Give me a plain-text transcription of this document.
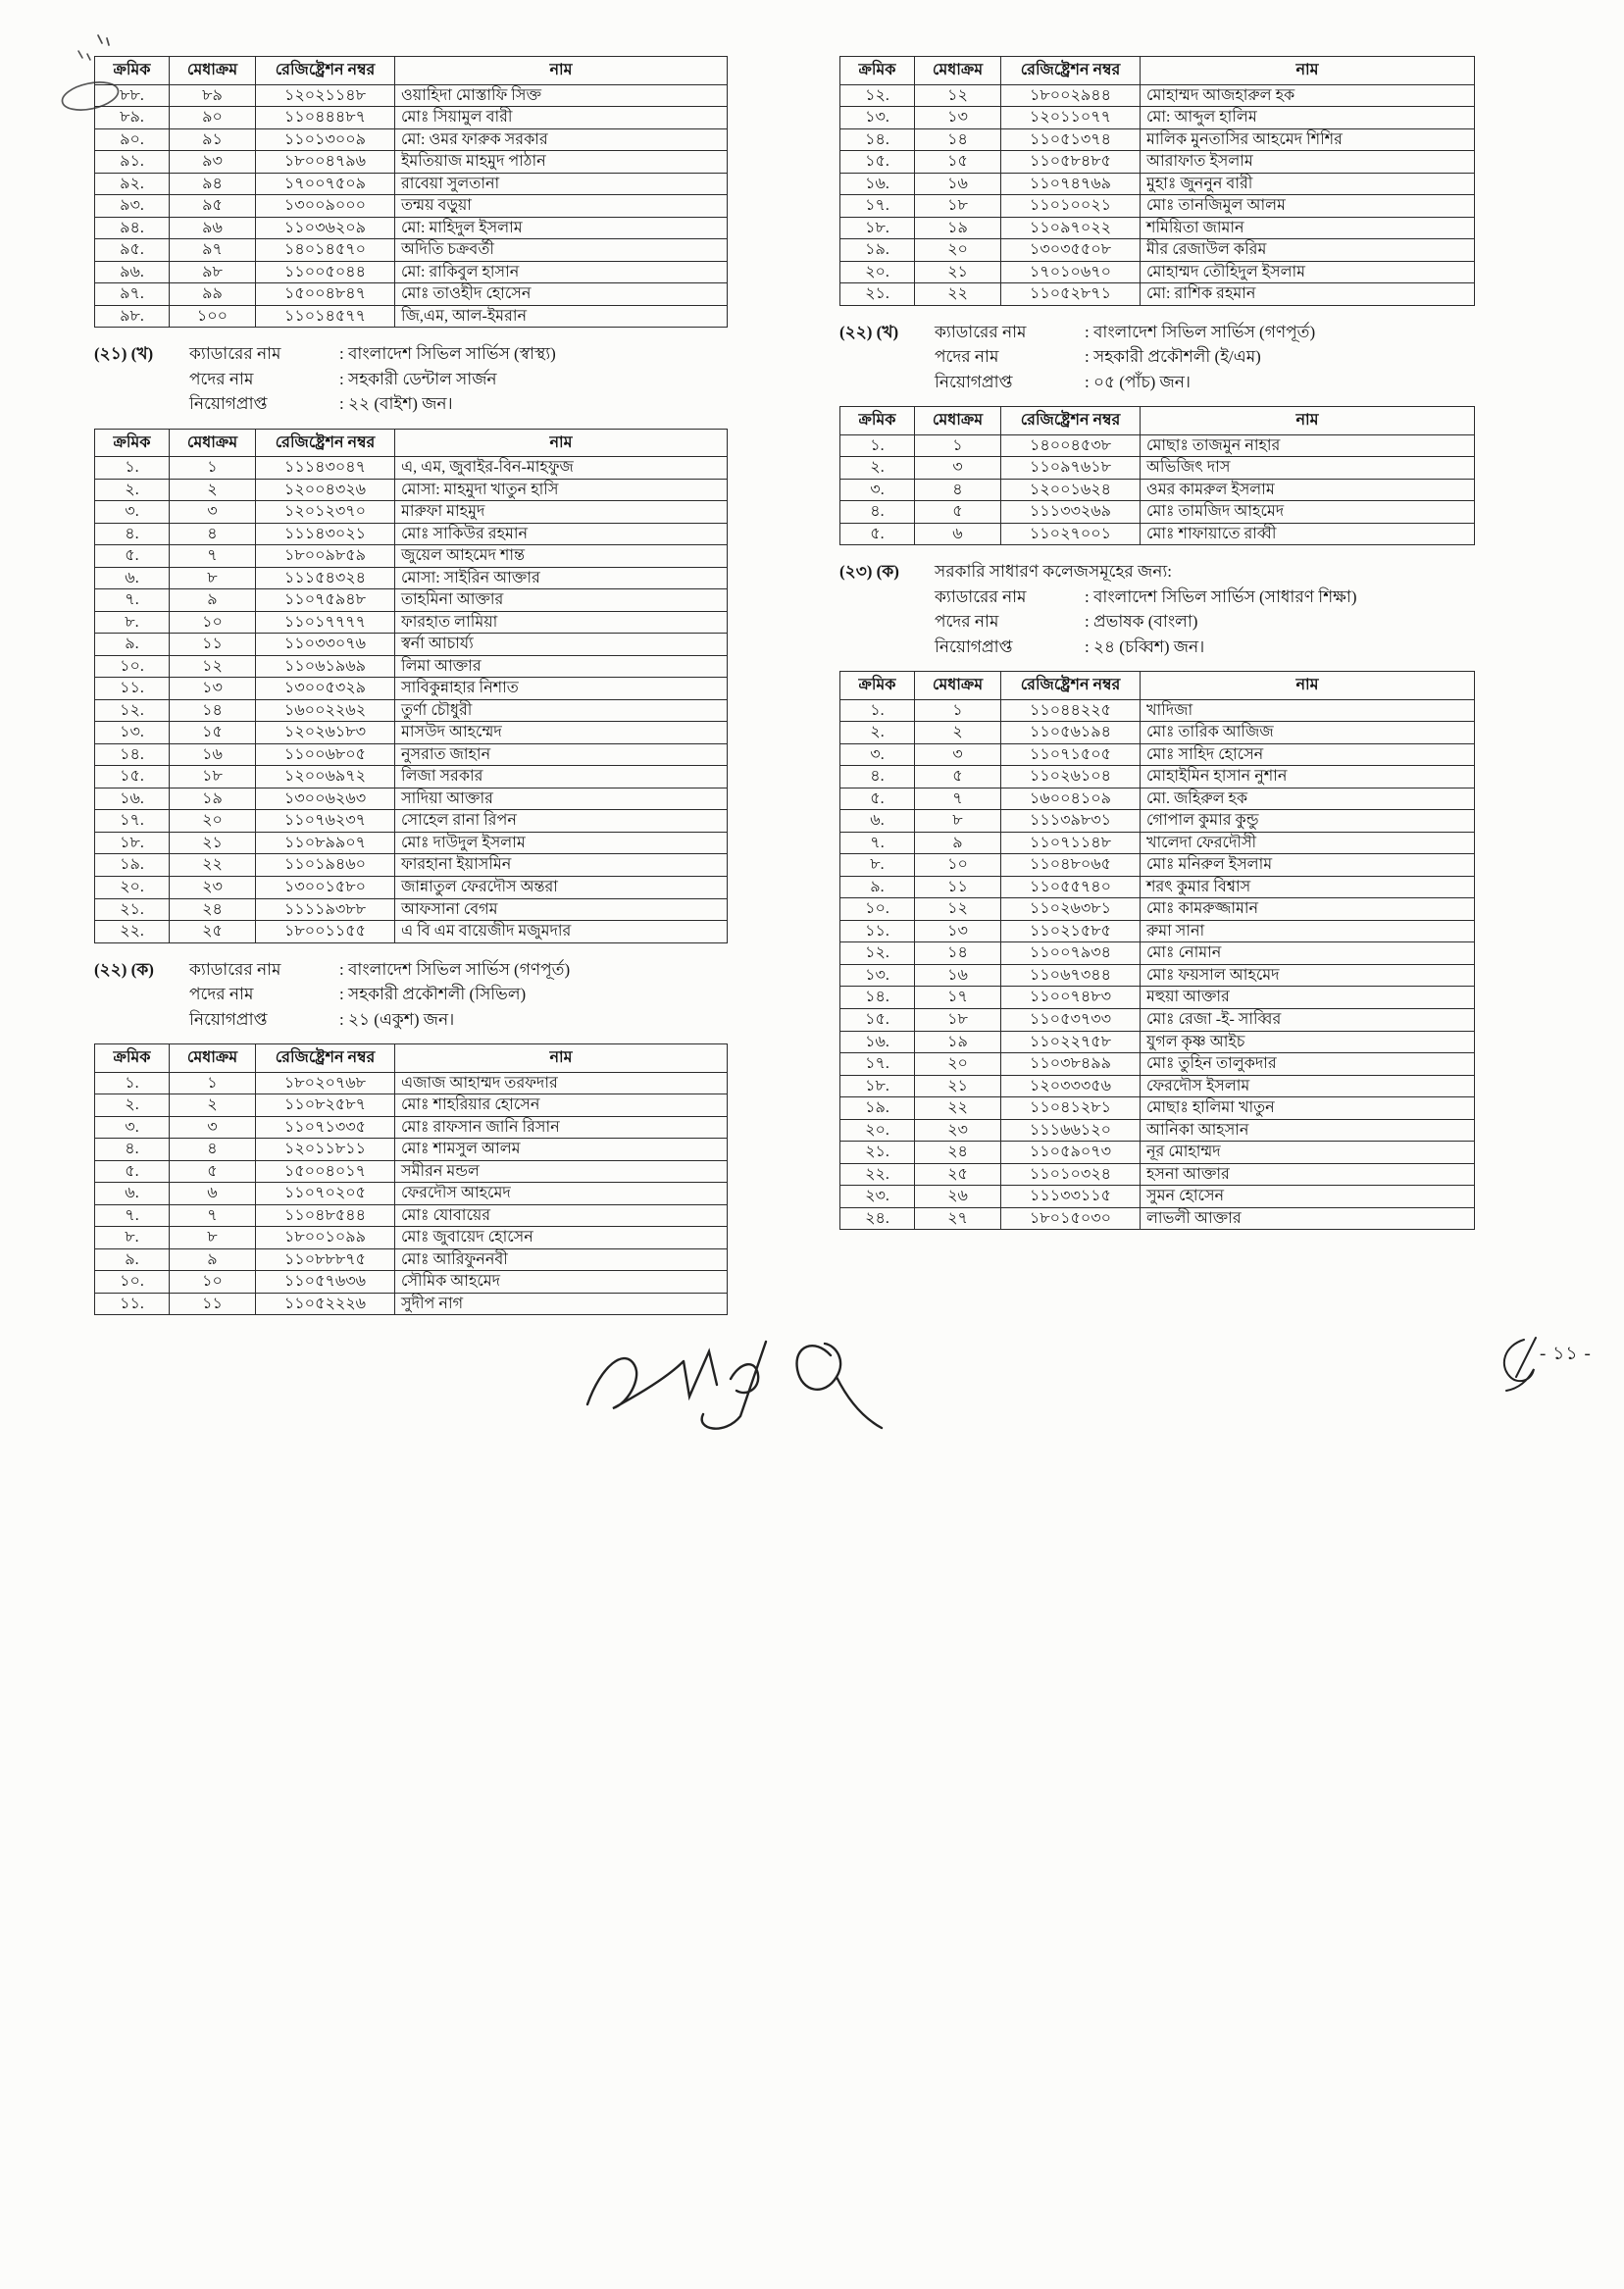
ক্রমিক	মেধাক্রম	রেজিষ্ট্রেশন নম্বর	নাম
৮৮.	৮৯	১২০২১১৪৮	ওয়াহিদা মোস্তাফি সিক্ত
৮৯.	৯০	১১০৪৪৪৮৭	মোঃ সিয়ামুল বারী
৯০.	৯১	১১০১৩০০৯	মো: ওমর ফারুক সরকার
৯১.	৯৩	১৮০০৪৭৯৬	ইমতিয়াজ মাহমুদ পাঠান
৯২.	৯৪	১৭০০৭৫০৯	রাবেয়া সুলতানা
৯৩.	৯৫	১৩০০৯০০০	তন্ময় বড়ুয়া
৯৪.	৯৬	১১০৩৬২০৯	মো: মাহিদুল ইসলাম
৯৫.	৯৭	১৪০১৪৫৭০	অদিতি চক্রবর্তী
৯৬.	৯৮	১১০০৫০৪৪	মো: রাকিবুল হাসান
৯৭.	৯৯	১৫০০৪৮৪৭	মোঃ তাওহীদ হোসেন
৯৮.	১০০	১১০১৪৫৭৭	জি,এম, আল-ইমরান
(২১) (খ)	ক্যাডারের নাম	: বাংলাদেশ সিভিল সার্ভিস (স্বাস্থ্য)
পদের নাম	: সহকারী ডেন্টাল সার্জন
নিয়োগপ্রাপ্ত	: ২২ (বাইশ) জন।
ক্রমিক	মেধাক্রম	রেজিষ্ট্রেশন নম্বর	নাম
১.	১	১১১৪৩০৪৭	এ, এম, জুবাইর-বিন-মাহফুজ
২.	২	১২০০৪৩২৬	মোসা: মাহমুদা খাতুন হাসি
৩.	৩	১২০১২৩৭০	মারুফা মাহমুদ
৪.	৪	১১১৪৩০২১	মোঃ সাকিউর রহমান
৫.	৭	১৮০০৯৮৫৯	জুয়েল আহমেদ শান্ত
৬.	৮	১১১৫৪৩২৪	মোসা: সাইরিন আক্তার
৭.	৯	১১০৭৫৯৪৮	তাহমিনা আক্তার
৮.	১০	১১০১৭৭৭৭	ফারহাত লামিয়া
৯.	১১	১১০৩৩০৭৬	স্বর্না আচার্য্য
১০.	১২	১১০৬১৯৬৯	লিমা আক্তার
১১.	১৩	১৩০০৫৩২৯	সাবিকুন্নাহার নিশাত
১২.	১৪	১৬০০২২৬২	তুর্ণা চৌধুরী
১৩.	১৫	১২০২৬১৮৩	মাসউদ আহম্মেদ
১৪.	১৬	১১০০৬৮০৫	নুসরাত জাহান
১৫.	১৮	১২০০৬৯৭২	লিজা সরকার
১৬.	১৯	১৩০০৬২৬৩	সাদিয়া আক্তার
১৭.	২০	১১০৭৬২৩৭	সোহেল রানা রিপন
১৮.	২১	১১০৮৯৯০৭	মোঃ দাউদুল ইসলাম
১৯.	২২	১১০১৯৪৬০	ফারহানা ইয়াসমিন
২০.	২৩	১৩০০১৫৮০	জান্নাতুল ফেরদৌস অন্তরা
২১.	২৪	১১১১৯৩৮৮	আফসানা বেগম
২২.	২৫	১৮০০১১৫৫	এ বি এম বায়েজীদ মজুমদার
(২২) (ক)	ক্যাডারের নাম	: বাংলাদেশ সিভিল সার্ভিস (গণপূর্ত)
পদের নাম	: সহকারী প্রকৌশলী (সিভিল)
নিয়োগপ্রাপ্ত	: ২১ (একুশ) জন।
ক্রমিক	মেধাক্রম	রেজিষ্ট্রেশন নম্বর	নাম
১.	১	১৮০২০৭৬৮	এজাজ আহাম্মদ তরফদার
২.	২	১১০৮২৫৮৭	মোঃ শাহরিয়ার হোসেন
৩.	৩	১১০৭১৩৩৫	মোঃ রাফসান জানি রিসান
৪.	৪	১২০১১৮১১	মোঃ শামসুল আলম
৫.	৫	১৫০০৪০১৭	সমীরন মন্ডল
৬.	৬	১১০৭০২০৫	ফেরদৌস আহমেদ
৭.	৭	১১০৪৮৫৪৪	মোঃ যোবায়ের
৮.	৮	১৮০০১০৯৯	মোঃ জুবায়েদ হোসেন
৯.	৯	১১০৮৮৮৭৫	মোঃ আরিফুননবী
১০.	১০	১১০৫৭৬৩৬	সৌমিক আহমেদ
১১.	১১	১১০৫২২২৬	সুদীপ নাগ
ক্রমিক	মেধাক্রম	রেজিষ্ট্রেশন নম্বর	নাম
১২.	১২	১৮০০২৯৪৪	মোহাম্মদ আজহারুল হক
১৩.	১৩	১২০১১০৭৭	মো: আব্দুল হালিম
১৪.	১৪	১১০৫১৩৭৪	মালিক মুনতাসির আহমেদ শিশির
১৫.	১৫	১১০৫৮৪৮৫	আরাফাত ইসলাম
১৬.	১৬	১১০৭৪৭৬৯	মুহাঃ জুননুন বারী
১৭.	১৮	১১০১০০২১	মোঃ তানজিমুল আলম
১৮.	১৯	১১০৯৭০২২	শমিয়িতা জামান
১৯.	২০	১৩০৩৫৫০৮	মীর রেজাউল করিম
২০.	২১	১৭০১০৬৭০	মোহাম্মদ তৌহিদুল ইসলাম
২১.	২২	১১০৫২৮৭১	মো: রাশিক রহমান
(২২) (খ)	ক্যাডারের নাম	: বাংলাদেশ সিভিল সার্ভিস (গণপূর্ত)
পদের নাম	: সহকারী প্রকৌশলী (ই/এম)
নিয়োগপ্রাপ্ত	: ০৫ (পাঁচ) জন।
ক্রমিক	মেধাক্রম	রেজিষ্ট্রেশন নম্বর	নাম
১.	১	১৪০০৪৫৩৮	মোছাঃ তাজমুন নাহার
২.	৩	১১০৯৭৬১৮	অভিজিৎ দাস
৩.	৪	১২০০১৬২৪	ওমর কামরুল ইসলাম
৪.	৫	১১১৩৩২৬৯	মোঃ তামজিদ আহমেদ
৫.	৬	১১০২৭০০১	মোঃ শাফায়াতে রাব্বী
(২৩) (ক)	সরকারি সাধারণ কলেজসমূহের জন্য:
ক্যাডারের নাম	: বাংলাদেশ সিভিল সার্ভিস (সাধারণ শিক্ষা)
পদের নাম	: প্রভাষক (বাংলা)
নিয়োগপ্রাপ্ত	: ২৪ (চব্বিশ) জন।
ক্রমিক	মেধাক্রম	রেজিষ্ট্রেশন নম্বর	নাম
১.	১	১১০৪৪২২৫	খাদিজা
২.	২	১১০৫৬১৯৪	মোঃ তারিক আজিজ
৩.	৩	১১০৭১৫০৫	মোঃ সাহিদ হোসেন
৪.	৫	১১০২৬১০৪	মোহাইমিন হাসান নুশান
৫.	৭	১৬০০৪১০৯	মো. জহিরুল হক
৬.	৮	১১১৩৯৮৩১	গোপাল কুমার কুন্ডু
৭.	৯	১১০৭১১৪৮	খালেদা ফেরদৌসী
৮.	১০	১১০৪৮০৬৫	মোঃ মনিরুল ইসলাম
৯.	১১	১১০৫৫৭৪০	শরৎ কুমার বিশ্বাস
১০.	১২	১১০২৬৩৮১	মোঃ কামরুজ্জামান
১১.	১৩	১১০২১৫৮৫	রুমা সানা
১২.	১৪	১১০০৭৯৩৪	মোঃ নোমান
১৩.	১৬	১১০৬৭৩৪৪	মোঃ ফয়সাল আহমেদ
১৪.	১৭	১১০০৭৪৮৩	মহুয়া আক্তার
১৫.	১৮	১১০৫৩৭৩৩	মোঃ রেজা -ই- সাব্বির
১৬.	১৯	১১০২২৭৫৮	যুগল কৃষ্ণ আইচ
১৭.	২০	১১০৩৮৪৯৯	মোঃ তুহিন তালুকদার
১৮.	২১	১২০৩৩৩৫৬	ফেরদৌস ইসলাম
১৯.	২২	১১০৪১২৮১	মোছাঃ হালিমা খাতুন
২০.	২৩	১১১৬৬১২০	আনিকা আহসান
২১.	২৪	১১০৫৯০৭৩	নূর মোহাম্মদ
২২.	২৫	১১০১০৩২৪	হসনা আক্তার
২৩.	২৬	১১১৩৩১১৫	সুমন হোসেন
২৪.	২৭	১৮০১৫০৩০	লাভলী আক্তার
- ১১ -
